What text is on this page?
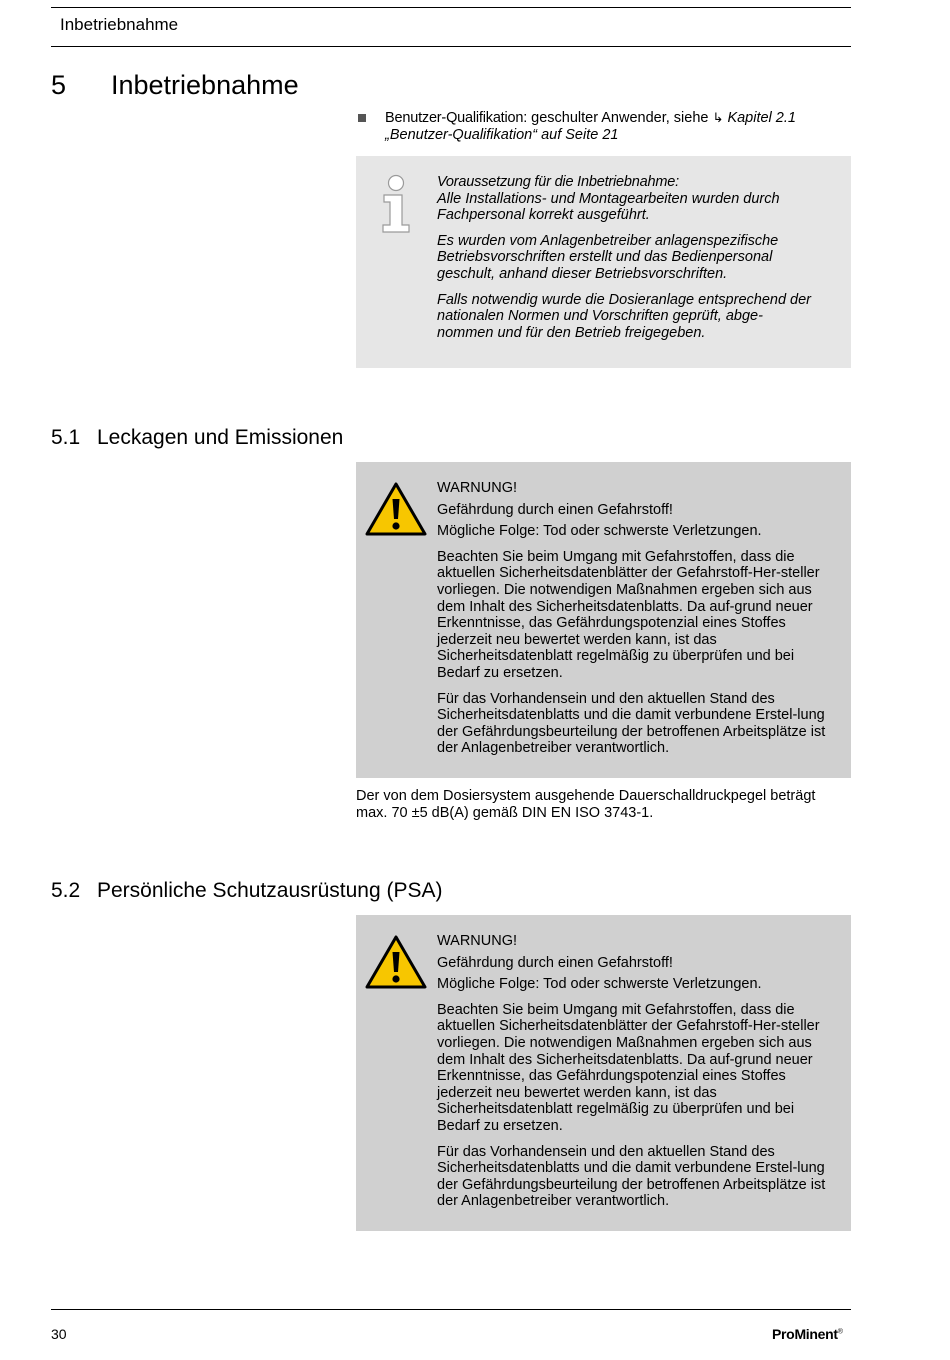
Inbetriebnahme
5 Inbetriebnahme
Benutzer-Qualifikation: geschulter Anwender, siehe ↳ Kapitel 2.1
„Benutzer-Qualifikation“ auf Seite 21

Voraussetzung für die Inbetriebnahme:
Alle Installations- und Montagearbeiten wurden durch Fachpersonal korrekt ausgeführt.

Es wurden vom Anlagenbetreiber anlagenspezifische Betriebsvorschriften erstellt und das Bedienpersonal geschult, anhand dieser Betriebsvorschriften.

Falls notwendig wurde die Dosieranlage entsprechend der nationalen Normen und Vorschriften geprüft, abge-nommen und für den Betrieb freigegeben.

5.1 Leckagen und Emissionen

WARNUNG!
Gefährdung durch einen Gefahrstoff!
Mögliche Folge: Tod oder schwerste Verletzungen.

Beachten Sie beim Umgang mit Gefahrstoffen, dass die aktuellen Sicherheitsdatenblätter der Gefahrstoff-Her-steller vorliegen. Die notwendigen Maßnahmen ergeben sich aus dem Inhalt des Sicherheitsdatenblatts. Da auf-grund neuer Erkenntnisse, das Gefährdungspotenzial eines Stoffes jederzeit neu bewertet werden kann, ist das Sicherheitsdatenblatt regelmäßig zu überprüfen und bei Bedarf zu ersetzen.

Für das Vorhandensein und den aktuellen Stand des Sicherheitsdatenblatts und die damit verbundene Erstel-lung der Gefährdungsbeurteilung der betroffenen Arbeitsplätze ist der Anlagenbetreiber verantwortlich.

Der von dem Dosiersystem ausgehende Dauerschalldruckpegel beträgt max. 70 ±5 dB(A) gemäß DIN EN ISO 3743-1.
5.2 Persönliche Schutzausrüstung (PSA)

WARNUNG!
Gefährdung durch einen Gefahrstoff!
Mögliche Folge: Tod oder schwerste Verletzungen.

Beachten Sie beim Umgang mit Gefahrstoffen, dass die aktuellen Sicherheitsdatenblätter der Gefahrstoff-Her-steller vorliegen. Die notwendigen Maßnahmen ergeben sich aus dem Inhalt des Sicherheitsdatenblatts. Da auf-grund neuer Erkenntnisse, das Gefährdungspotenzial eines Stoffes jederzeit neu bewertet werden kann, ist das Sicherheitsdatenblatt regelmäßig zu überprüfen und bei Bedarf zu ersetzen.

Für das Vorhandensein und den aktuellen Stand des Sicherheitsdatenblatts und die damit verbundene Erstel-lung der Gefährdungsbeurteilung der betroffenen Arbeitsplätze ist der Anlagenbetreiber verantwortlich.

30	ProMinent®
